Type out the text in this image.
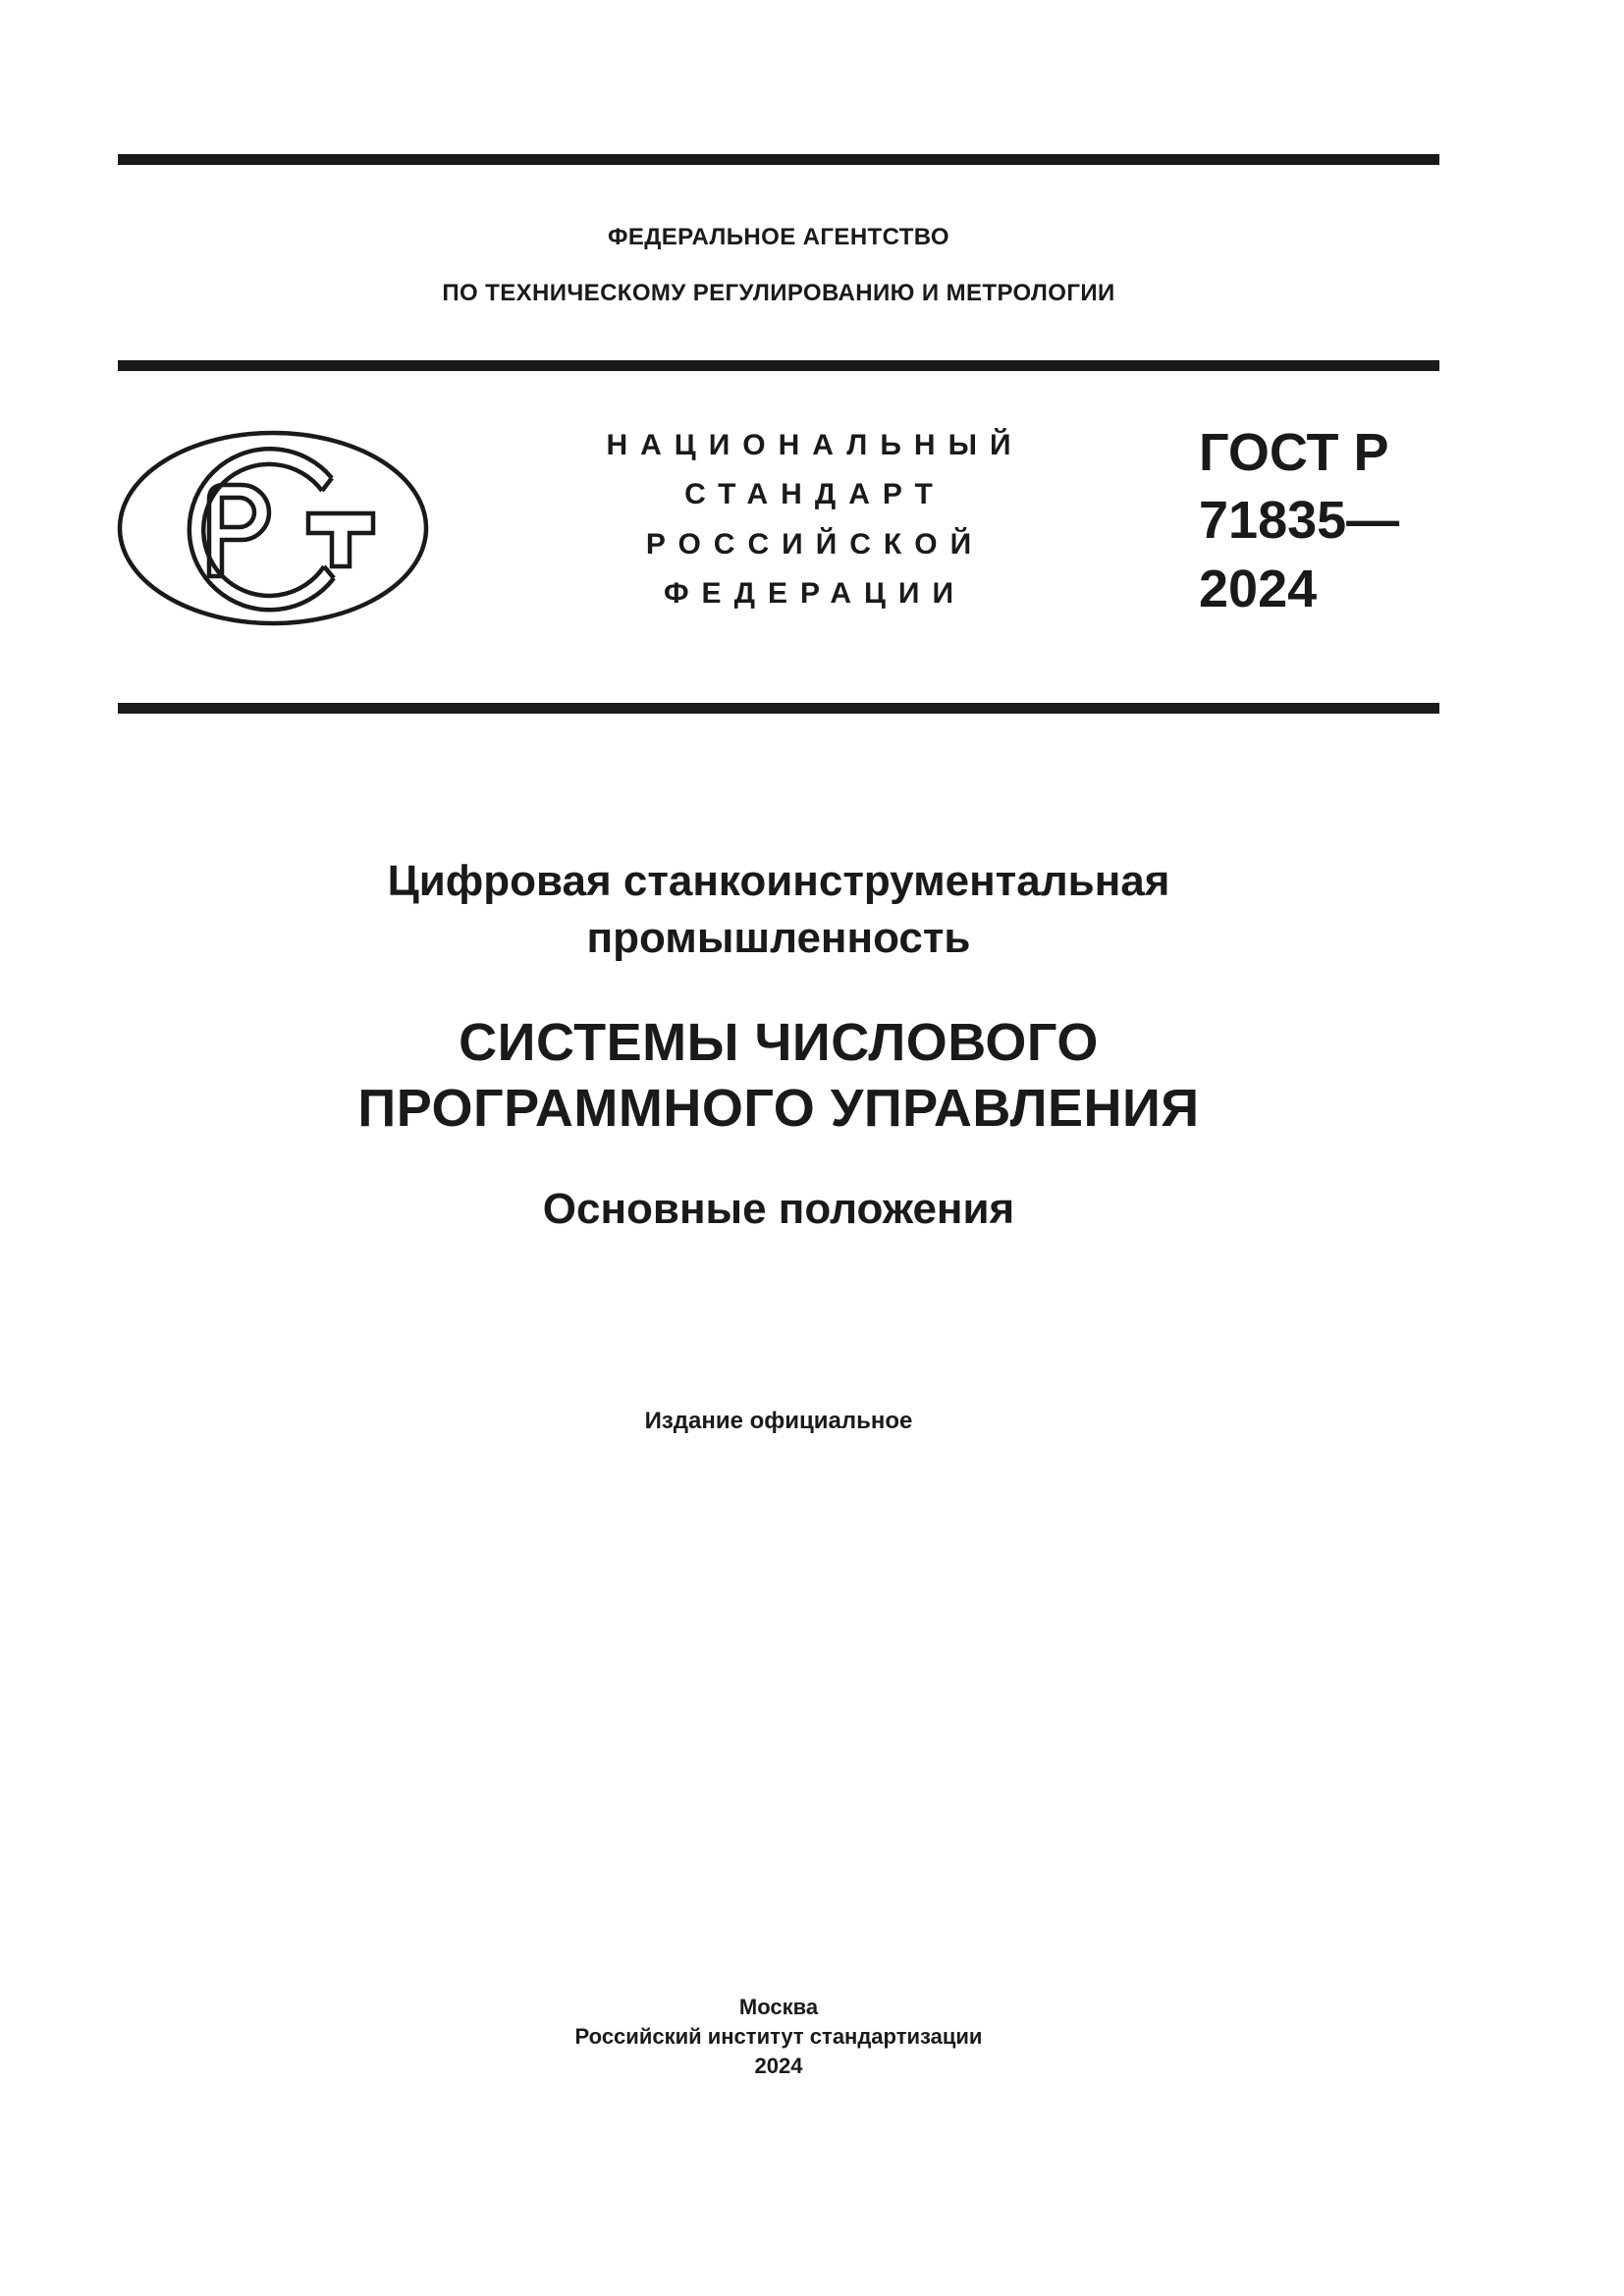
ФЕДЕРАЛЬНОЕ АГЕНТСТВО
ПО ТЕХНИЧЕСКОМУ РЕГУЛИРОВАНИЮ И МЕТРОЛОГИИ
НАЦИОНАЛЬНЫЙ
СТАНДАРТ
РОССИЙСКОЙ
ФЕДЕРАЦИИ
ГОСТ Р
71835—
2024
Цифровая станкоинструментальная
промышленность
СИСТЕМЫ ЧИСЛОВОГО
ПРОГРАММНОГО УПРАВЛЕНИЯ
Основные положения
Издание официальное
Москва
Российский институт стандартизации
2024
